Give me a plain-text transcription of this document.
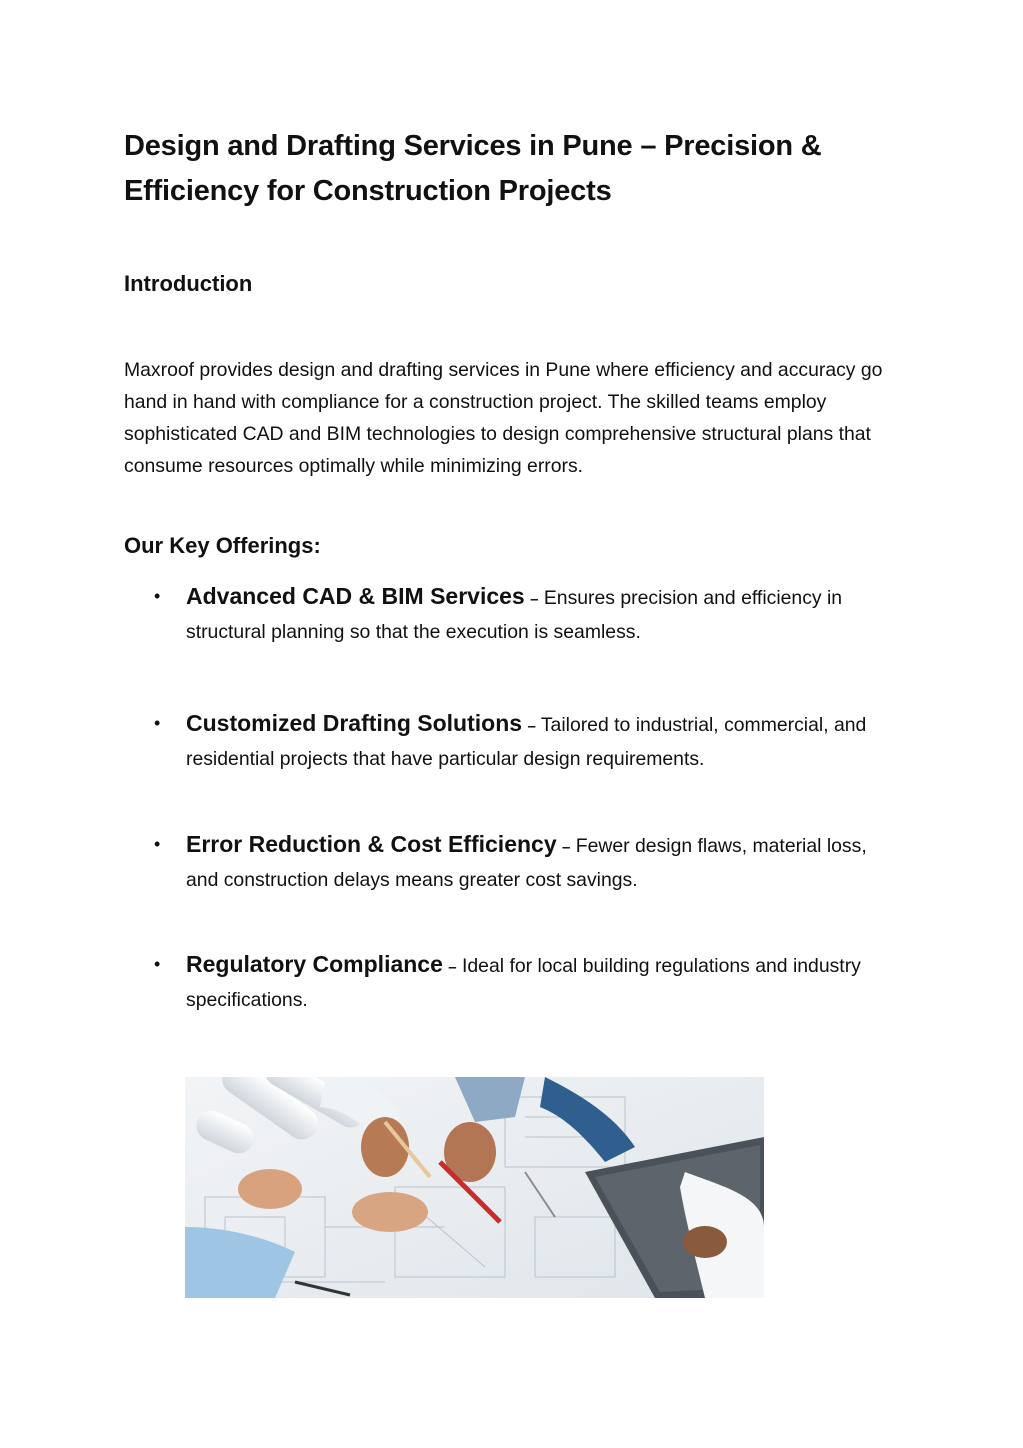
Design and Drafting Services in Pune – Precision & Efficiency for Construction Projects
Introduction

Maxroof provides design and drafting services in Pune where efficiency and accuracy go hand in hand with compliance for a construction project. The skilled teams employ sophisticated CAD and BIM technologies to design comprehensive structural plans that consume resources optimally while minimizing errors.

Our Key Offerings:
• Advanced CAD & BIM Services – Ensures precision and efficiency in structural planning so that the execution is seamless.
• Customized Drafting Solutions – Tailored to industrial, commercial, and residential projects that have particular design requirements.
• Error Reduction & Cost Efficiency – Fewer design flaws, material loss, and construction delays means greater cost savings.
• Regulatory Compliance – Ideal for local building regulations and industry specifications.
